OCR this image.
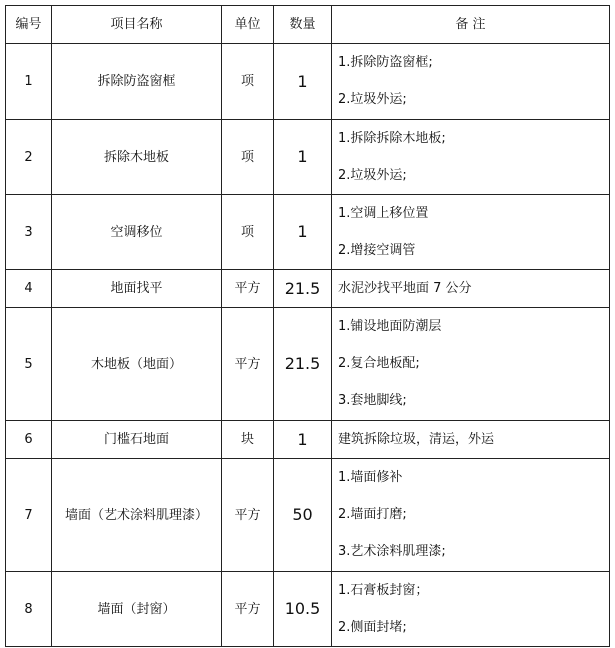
编号	项目名称	单位	数量	备 注
1	拆除防盗窗框	项	1	1.拆除防盗窗框;
2.垃圾外运;

2	拆除木地板	项	1	1.拆除拆除木地板;
2.垃圾外运;

3	空调移位	项	1	1.空调上移位置
2.增接空调管

4	地面找平	平方	21.5	水泥沙找平地面 7 公分

5	木地板（地面）	平方	21.5	1.铺设地面防潮层
2.复合地板配;
3.套地脚线;

6	门槛石地面	块	1	建筑拆除垃圾，清运，外运

7	墙面（艺术涂料肌理漆）	平方	50	1.墙面修补
2.墙面打磨;
3.艺术涂料肌理漆;

8	墙面（封窗）	平方	10.5	1.石膏板封窗；
2.侧面封堵;
